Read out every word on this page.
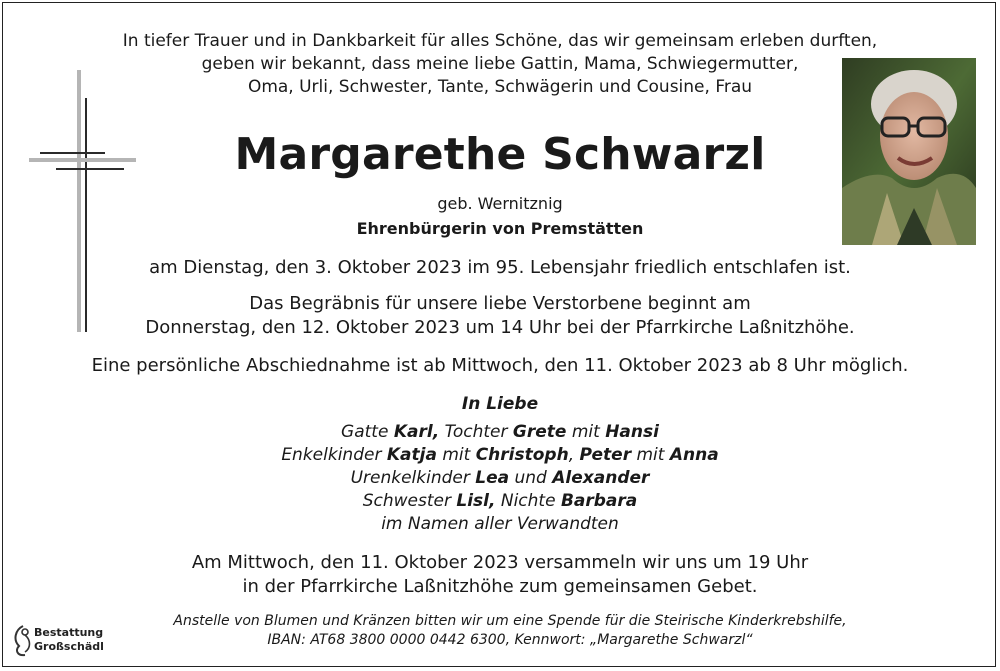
In tiefer Trauer und in Dankbarkeit für alles Schöne, das wir gemeinsam erleben durften,
geben wir bekannt, dass meine liebe Gattin, Mama, Schwiegermutter,
Oma, Urli, Schwester, Tante, Schwägerin und Cousine, Frau
Margarethe Schwarzl
geb. Wernitznig
Ehrenbürgerin von Premstätten
am Dienstag, den 3. Oktober 2023 im 95. Lebensjahr friedlich entschlafen ist.
Das Begräbnis für unsere liebe Verstorbene beginnt am
Donnerstag, den 12. Oktober 2023 um 14 Uhr bei der Pfarrkirche Laßnitzhöhe.
Eine persönliche Abschiednahme ist ab Mittwoch, den 11. Oktober 2023 ab 8 Uhr möglich.
In Liebe
Gatte Karl, Tochter Grete mit Hansi
Enkelkinder Katja mit Christoph, Peter mit Anna
Urenkelkinder Lea und Alexander
Schwester Lisl, Nichte Barbara
im Namen aller Verwandten
Am Mittwoch, den 11. Oktober 2023 versammeln wir uns um 19 Uhr
in der Pfarrkirche Laßnitzhöhe zum gemeinsamen Gebet.
Anstelle von Blumen und Kränzen bitten wir um eine Spende für die Steirische Kinderkrebshilfe,
IBAN: AT68 3800 0000 0442 6300, Kennwort: „Margarethe Schwarzl“
Bestattung
Großschädl
